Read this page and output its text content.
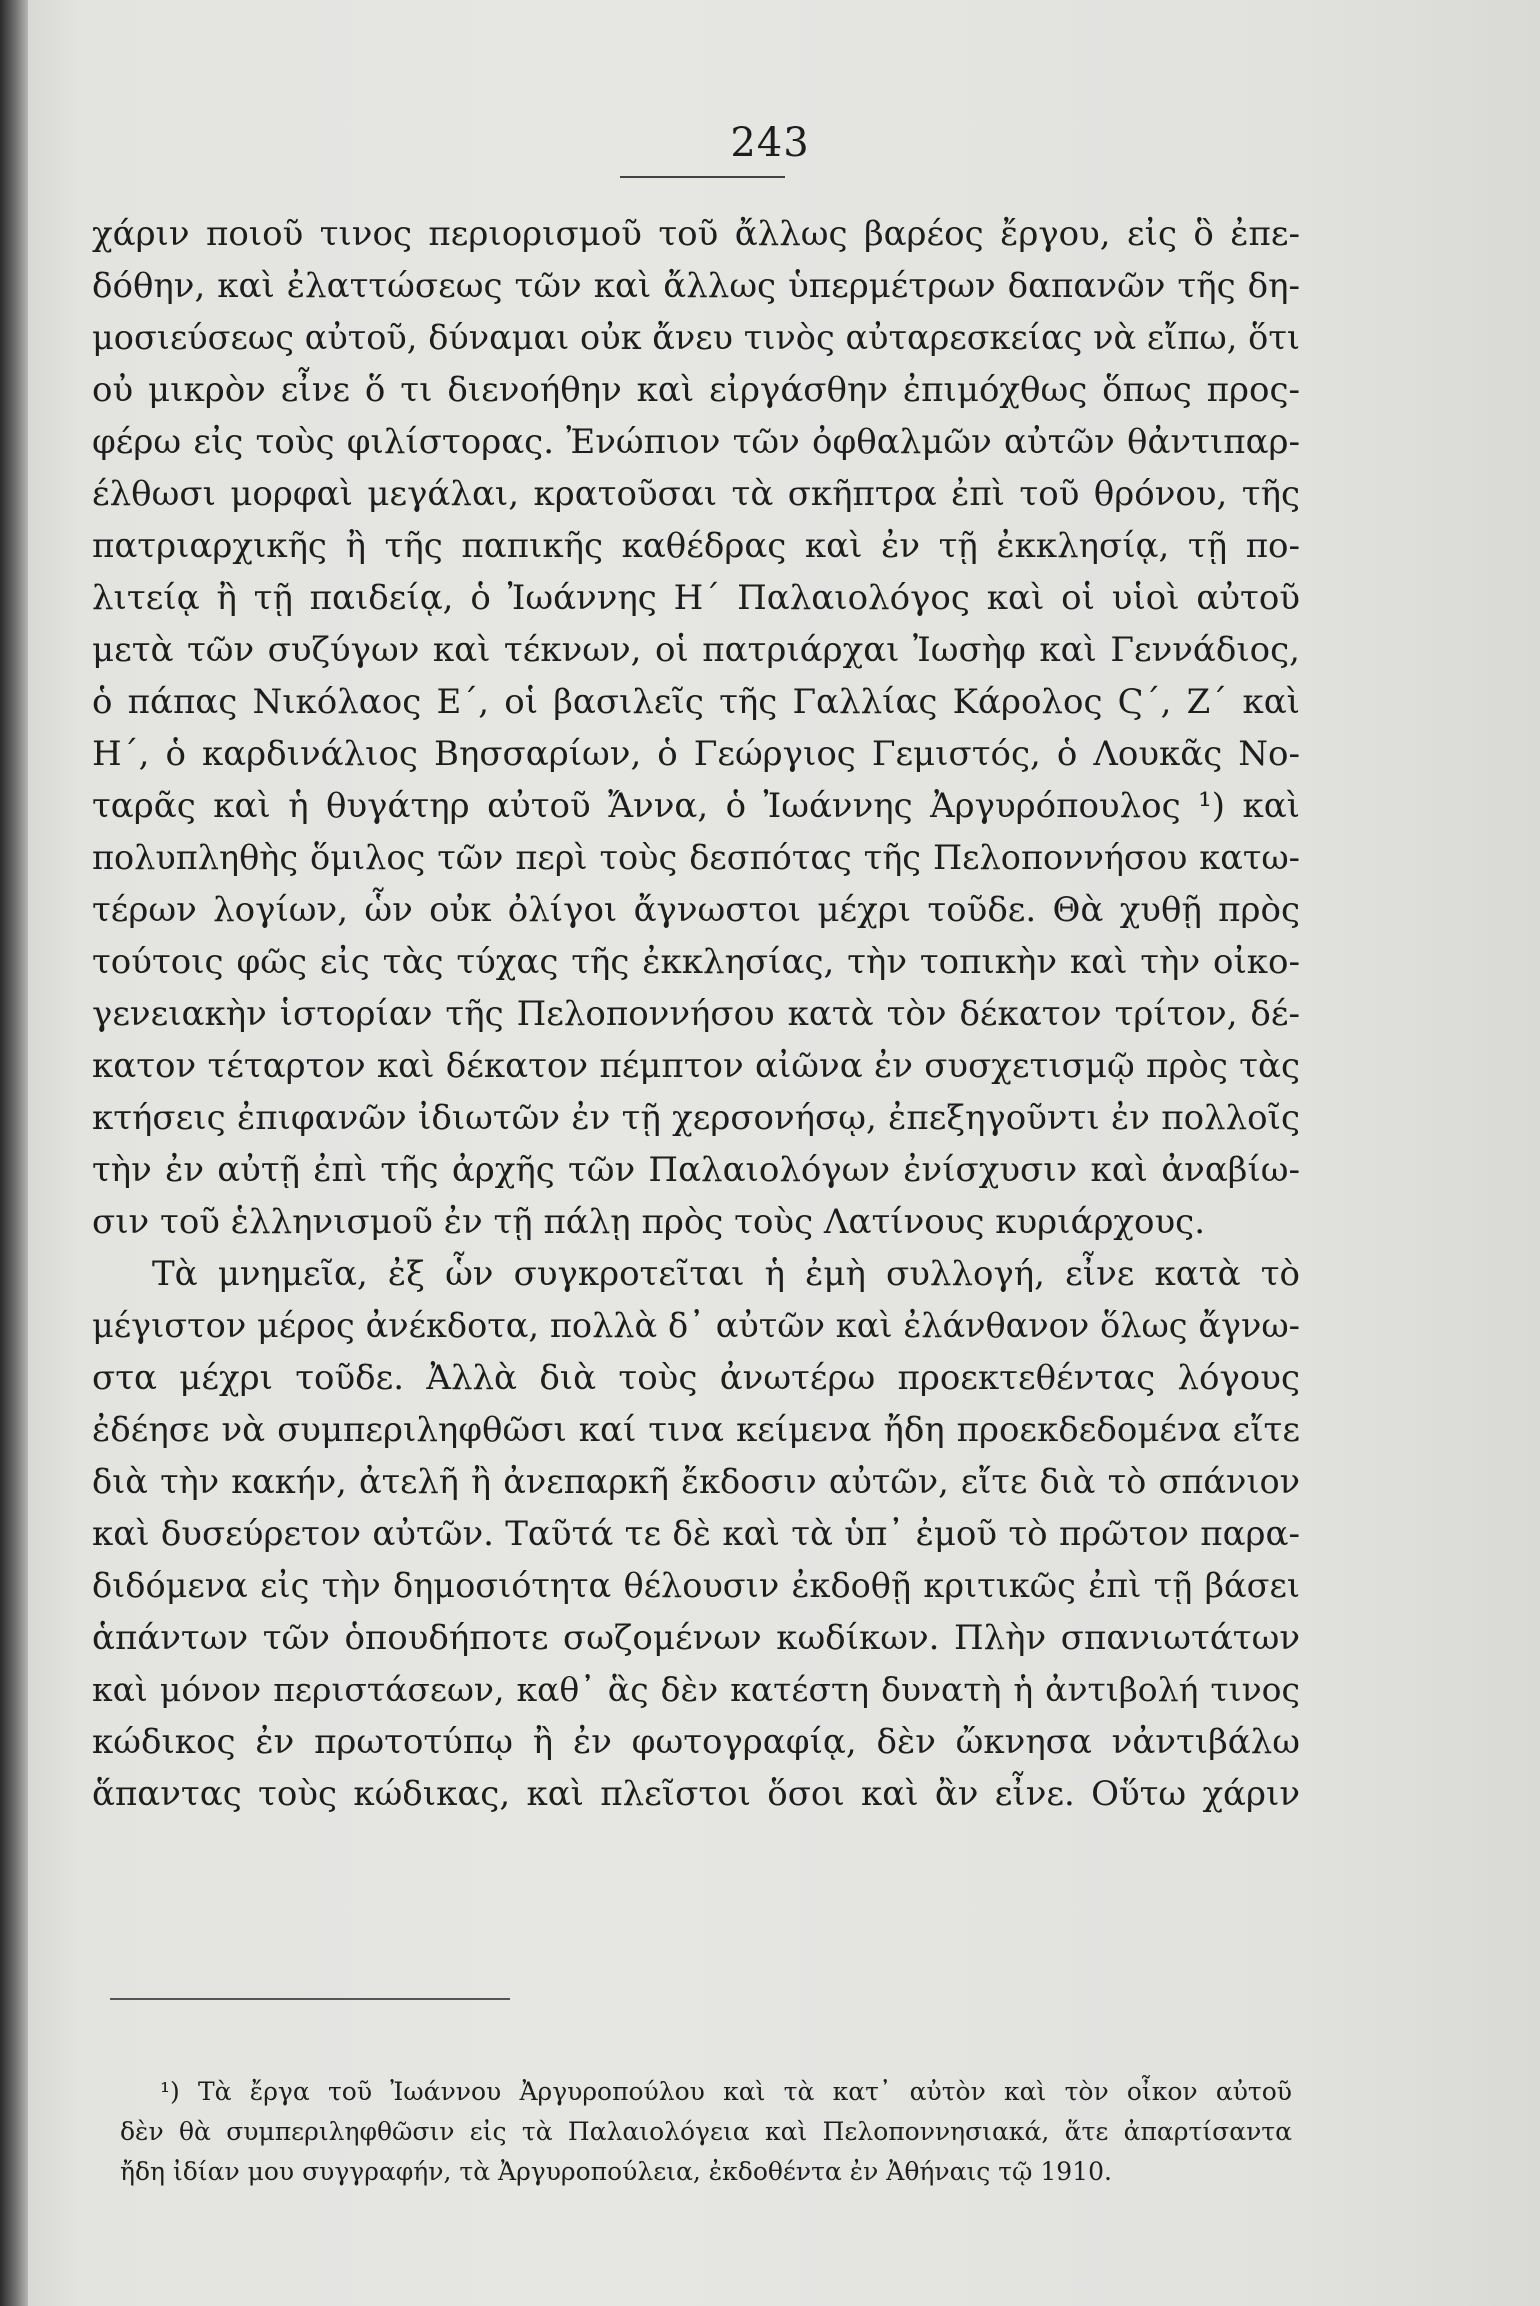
243
χάριν ποιοῦ τινος περιορισμοῦ τοῦ ἄλλως βαρέος ἔργου, εἰς ὃ ἐπε-
δόθην, καὶ ἐλαττώσεως τῶν καὶ ἄλλως ὑπερμέτρων δαπανῶν τῆς δη-
μοσιεύσεως αὐτοῦ, δύναμαι οὐκ ἄνευ τινὸς αὐταρεσκείας νὰ εἴπω, ὅτι
οὐ μικρὸν εἶνε ὅ τι διενοήθην καὶ εἰργάσθην ἐπιμόχθως ὅπως προς-
φέρω εἰς τοὺς φιλίστορας. Ἐνώπιον τῶν ὀφθαλμῶν αὐτῶν θἀντιπαρ-
έλθωσι μορφαὶ μεγάλαι, κρατοῦσαι τὰ σκῆπτρα ἐπὶ τοῦ θρόνου, τῆς
πατριαρχικῆς ἢ τῆς παπικῆς καθέδρας καὶ ἐν τῇ ἐκκλησίᾳ, τῇ πο-
λιτείᾳ ἢ τῇ παιδείᾳ, ὁ Ἰωάννης Η΄ Παλαιολόγος καὶ οἱ υἱοὶ αὐτοῦ
μετὰ τῶν συζύγων καὶ τέκνων, οἱ πατριάρχαι Ἰωσὴφ καὶ Γεννάδιος,
ὁ πάπας Νικόλαος Ε΄, οἱ βασιλεῖς τῆς Γαλλίας Κάρολος Ϛ΄, Ζ΄ καὶ
Η΄, ὁ καρδινάλιος Βησσαρίων, ὁ Γεώργιος Γεμιστός, ὁ Λουκᾶς Νο-
ταρᾶς καὶ ἡ θυγάτηρ αὐτοῦ Ἄννα, ὁ Ἰωάννης Ἀργυρόπουλος ¹) καὶ
πολυπληθὴς ὅμιλος τῶν περὶ τοὺς δεσπότας τῆς Πελοποννήσου κατω-
τέρων λογίων, ὧν οὐκ ὀλίγοι ἄγνωστοι μέχρι τοῦδε. Θὰ χυθῇ πρὸς
τούτοις φῶς εἰς τὰς τύχας τῆς ἐκκλησίας, τὴν τοπικὴν καὶ τὴν οἰκο-
γενειακὴν ἱστορίαν τῆς Πελοποννήσου κατὰ τὸν δέκατον τρίτον, δέ-
κατον τέταρτον καὶ δέκατον πέμπτον αἰῶνα ἐν συσχετισμῷ πρὸς τὰς
κτήσεις ἐπιφανῶν ἰδιωτῶν ἐν τῇ χερσονήσῳ, ἐπεξηγοῦντι ἐν πολλοῖς
τὴν ἐν αὐτῇ ἐπὶ τῆς ἀρχῆς τῶν Παλαιολόγων ἐνίσχυσιν καὶ ἀναβίω-
σιν τοῦ ἑλληνισμοῦ ἐν τῇ πάλῃ πρὸς τοὺς Λατίνους κυριάρχους.
Τὰ μνημεῖα, ἐξ ὧν συγκροτεῖται ἡ ἐμὴ συλλογή, εἶνε κατὰ τὸ
μέγιστον μέρος ἀνέκδοτα, πολλὰ δ᾽ αὐτῶν καὶ ἐλάνθανον ὅλως ἄγνω-
στα μέχρι τοῦδε. Ἀλλὰ διὰ τοὺς ἀνωτέρω προεκτεθέντας λόγους
ἐδέησε νὰ συμπεριληφθῶσι καί τινα κείμενα ἤδη προεκδεδομένα εἴτε
διὰ τὴν κακήν, ἀτελῆ ἢ ἀνεπαρκῆ ἔκδοσιν αὐτῶν, εἴτε διὰ τὸ σπάνιον
καὶ δυσεύρετον αὐτῶν. Ταῦτά τε δὲ καὶ τὰ ὑπ᾽ ἐμοῦ τὸ πρῶτον παρα-
διδόμενα εἰς τὴν δημοσιότητα θέλουσιν ἐκδοθῇ κριτικῶς ἐπὶ τῇ βάσει
ἁπάντων τῶν ὁπουδήποτε σωζομένων κωδίκων. Πλὴν σπανιωτάτων
καὶ μόνον περιστάσεων, καθ᾽ ἃς δὲν κατέστη δυνατὴ ἡ ἀντιβολή τινος
κώδικος ἐν πρωτοτύπῳ ἢ ἐν φωτογραφίᾳ, δὲν ὤκνησα νἀντιβάλω
ἅπαντας τοὺς κώδικας, καὶ πλεῖστοι ὅσοι καὶ ἂν εἶνε. Οὕτω χάριν
¹) Τὰ ἔργα τοῦ Ἰωάννου Ἀργυροπούλου καὶ τὰ κατ᾽ αὐτὸν καὶ τὸν οἶκον αὐτοῦ
δὲν θὰ συμπεριληφθῶσιν εἰς τὰ Παλαιολόγεια καὶ Πελοποννησιακά, ἅτε ἀπαρτίσαντα
ἤδη ἰδίαν μου συγγραφήν, τὰ Ἀργυροπούλεια, ἐκδοθέντα ἐν Ἀθήναις τῷ 1910.
